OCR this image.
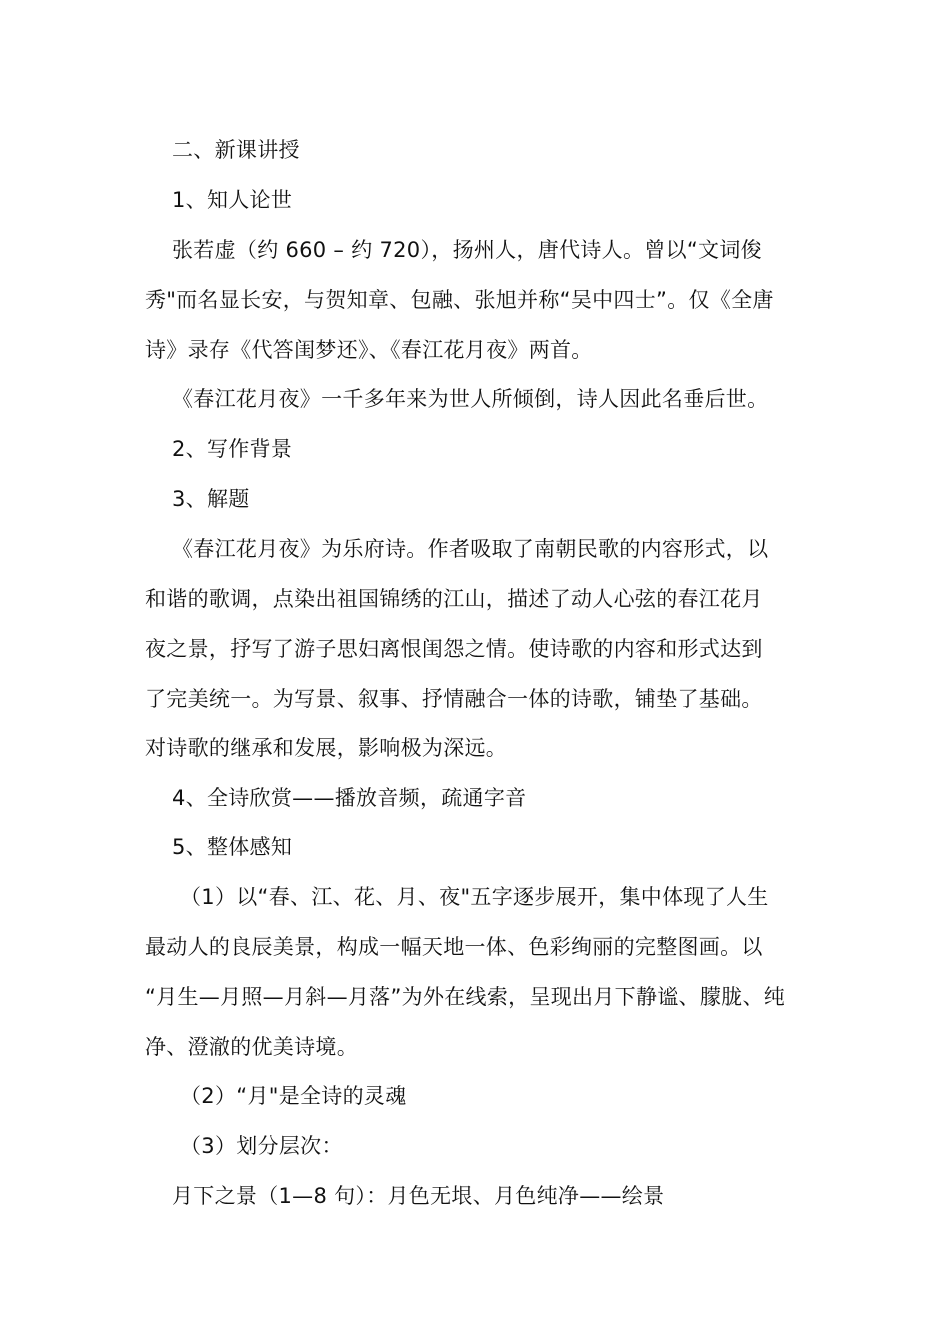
二、新课讲授
1、知人论世
张若虚（约 660 – 约 720），扬州人，唐代诗人。曾以“文词俊
秀"而名显长安，与贺知章、包融、张旭并称“吴中四士”。仅《全唐
诗》录存《代答闺梦还》、《春江花月夜》两首。
《春江花月夜》一千多年来为世人所倾倒，诗人因此名垂后世。
2、写作背景
3、解题
《春江花月夜》为乐府诗。作者吸取了南朝民歌的内容形式，以
和谐的歌调，点染出祖国锦绣的江山，描述了动人心弦的春江花月
夜之景，抒写了游子思妇离恨闺怨之情。使诗歌的内容和形式达到
了完美统一。为写景、叙事、抒情融合一体的诗歌，铺垫了基础。
对诗歌的继承和发展，影响极为深远。
4、全诗欣赏——播放音频，疏通字音
5、整体感知
（1）以“春、江、花、月、夜"五字逐步展开，集中体现了人生
最动人的良辰美景，构成一幅天地一体、色彩绚丽的完整图画。以
“月生—月照—月斜—月落”为外在线索，呈现出月下静谧、朦胧、纯
净、澄澈的优美诗境。
（2）“月"是全诗的灵魂
（3）划分层次：
月下之景（1—8 句）：月色无垠、月色纯净——绘景
